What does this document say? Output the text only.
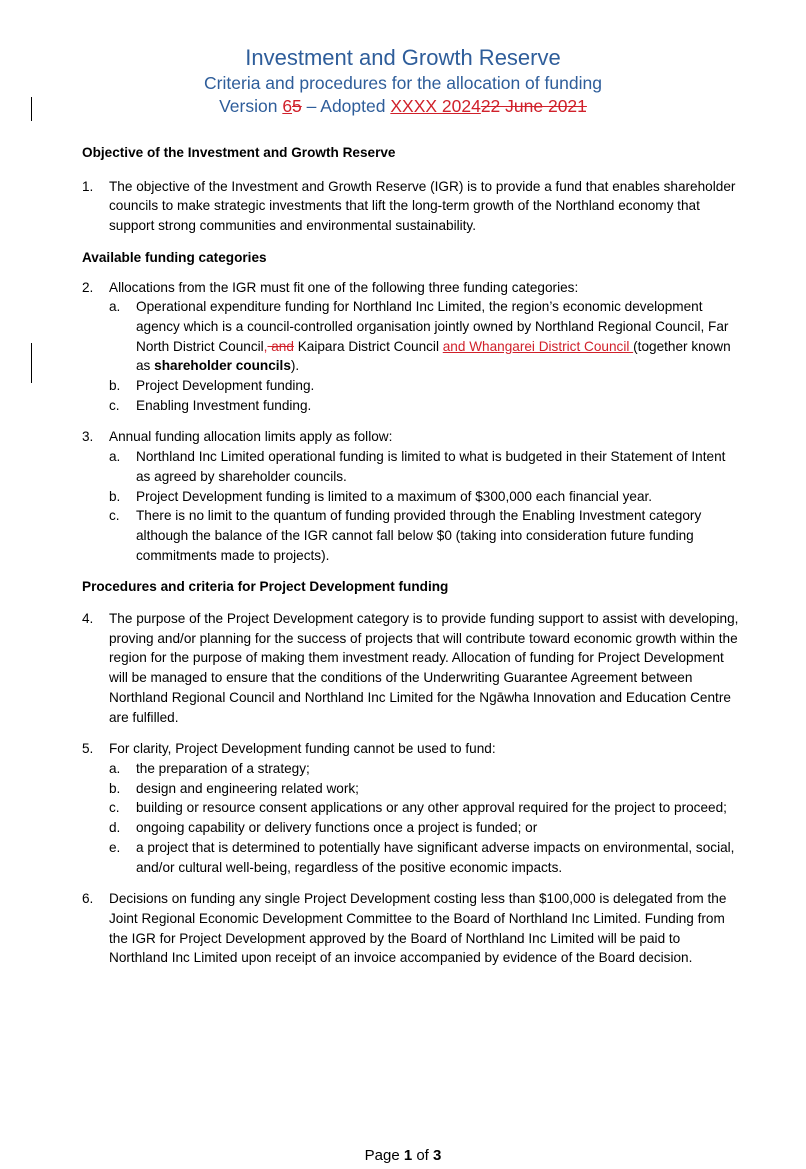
Investment and Growth Reserve
Criteria and procedures for the allocation of funding
Version 65 – Adopted XXXX 202422 June 2021

Objective of the Investment and Growth Reserve

1. The objective of the Investment and Growth Reserve (IGR) is to provide a fund that enables shareholder councils to make strategic investments that lift the long-term growth of the Northland economy that support strong communities and environmental sustainability.

Available funding categories

2. Allocations from the IGR must fit one of the following three funding categories:

a. Operational expenditure funding for Northland Inc Limited, the region’s economic development agency which is a council-controlled organisation jointly owned by Northland Regional Council, Far North District Council, and Kaipara District Council and Whangarei District Council (together known as shareholder councils).

b. Project Development funding.

c. Enabling Investment funding.

3. Annual funding allocation limits apply as follow:

a. Northland Inc Limited operational funding is limited to what is budgeted in their Statement of Intent as agreed by shareholder councils.

b. Project Development funding is limited to a maximum of $300,000 each financial year.

c. There is no limit to the quantum of funding provided through the Enabling Investment category although the balance of the IGR cannot fall below $0 (taking into consideration future funding commitments made to projects).

Procedures and criteria for Project Development funding

4. The purpose of the Project Development category is to provide funding support to assist with developing, proving and/or planning for the success of projects that will contribute toward economic growth within the region for the purpose of making them investment ready. Allocation of funding for Project Development will be managed to ensure that the conditions of the Underwriting Guarantee Agreement between Northland Regional Council and Northland Inc Limited for the Ngāwha Innovation and Education Centre are fulfilled.

5. For clarity, Project Development funding cannot be used to fund:

a. the preparation of a strategy;

b. design and engineering related work;

c. building or resource consent applications or any other approval required for the project to proceed;

d. ongoing capability or delivery functions once a project is funded; or

e. a project that is determined to potentially have significant adverse impacts on environmental, social, and/or cultural well-being, regardless of the positive economic impacts.

6. Decisions on funding any single Project Development costing less than $100,000 is delegated from the Joint Regional Economic Development Committee to the Board of Northland Inc Limited. Funding from the IGR for Project Development approved by the Board of Northland Inc Limited will be paid to Northland Inc Limited upon receipt of an invoice accompanied by evidence of the Board decision.

Page 1 of 3
